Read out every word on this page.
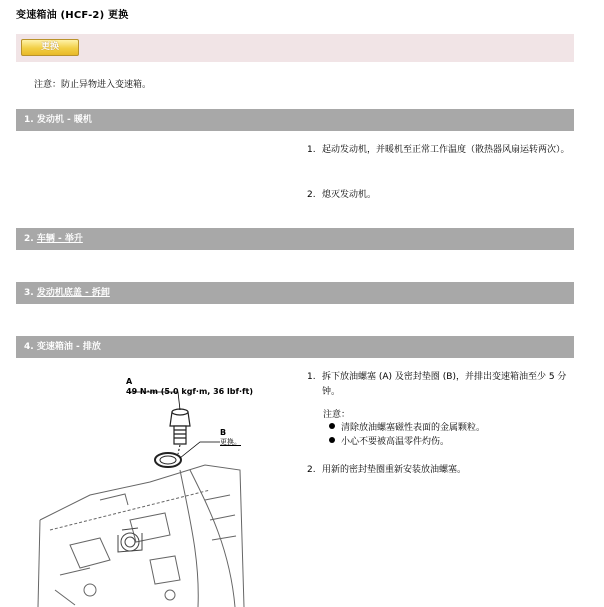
变速箱油 (HCF-2) 更换
更换
注意：防止异物进入变速箱。
1. 发动机 - 暖机
1. 起动发动机，并暖机至正常工作温度（散热器风扇运转两次）。
2. 熄灭发动机。
2. 车辆 - 举升
3. 发动机底盖 - 拆卸
4. 变速箱油 - 排放
1. 拆下放油螺塞 (A) 及密封垫圈 (B)，并排出变速箱油至少 5 分钟。
注意：
清除放油螺塞磁性表面的金属颗粒。
小心不要被高温零件灼伤。
2. 用新的密封垫圈重新安装放油螺塞。
A
49 N·m (5.0 kgf·m, 36 lbf·ft)
B
更换。
